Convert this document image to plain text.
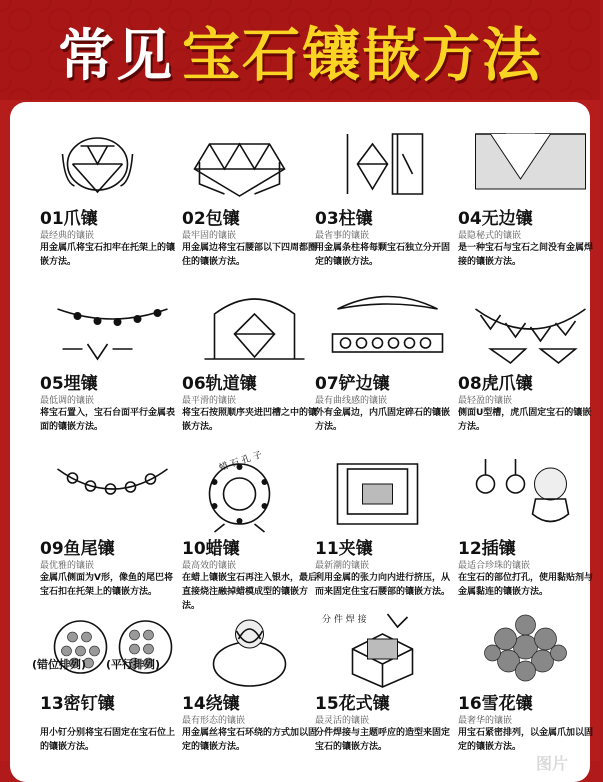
常见 宝石镶嵌方法
01爪镶
最经典的镶嵌
用金属爪将宝石扣牢在托架上的镶嵌方法。
02包镶
最牢固的镶嵌
用金属边将宝石腰部以下四周都圈住的镶嵌方法。
03柱镶
最省事的镶嵌
用金属条柱将每颗宝石独立分开固定的镶嵌方法。
04无边镶
最隐秘式的镶嵌
是一种宝石与宝石之间没有金属焊接的镶嵌方法。
05埋镶
最低调的镶嵌
将宝石置入，宝石台面平行金属表面的镶嵌方法。
06轨道镶
最平滑的镶嵌
将宝石按照顺序夹进凹槽之中的镶嵌方法。
07铲边镶
最有曲线感的镶嵌
外有金属边，内爪固定碎石的镶嵌方法。
08虎爪镶
最轻盈的镶嵌
侧面U型槽，虎爪固定宝石的镶嵌方法。
09鱼尾镶
最优雅的镶嵌
金属爪侧面为V形，像鱼的尾巴将宝石扣在托架上的镶嵌方法。
10蜡镶
最高效的镶嵌
在蜡上镶嵌宝石再注入银水，最后直接烧注融掉蜡模成型的镶嵌方法。
11夹镶
最新潮的镶嵌
利用金属的张力向内进行挤压，从而来固定住宝石腰部的镶嵌方法。
12插镶
最适合珍珠的镶嵌
在宝石的部位打孔，使用黏贴剂与金属黏连的镶嵌方法。
13密钉镶
用小钉分别将宝石固定在宝石位上的镶嵌方法。
14绕镶
最有形态的镶嵌
用金属丝将宝石环绕的方式加以固定的镶嵌方法。
15花式镶
最灵活的镶嵌
分件焊接与主题呼应的造型来固定宝石的镶嵌方法。
16雪花镶
最奢华的镶嵌
用宝石紧密排列，以金属爪加以固定的镶嵌方法。
(错位排列) (平行排列)
蜡 石 孔 子
分 件 焊 接
图片
